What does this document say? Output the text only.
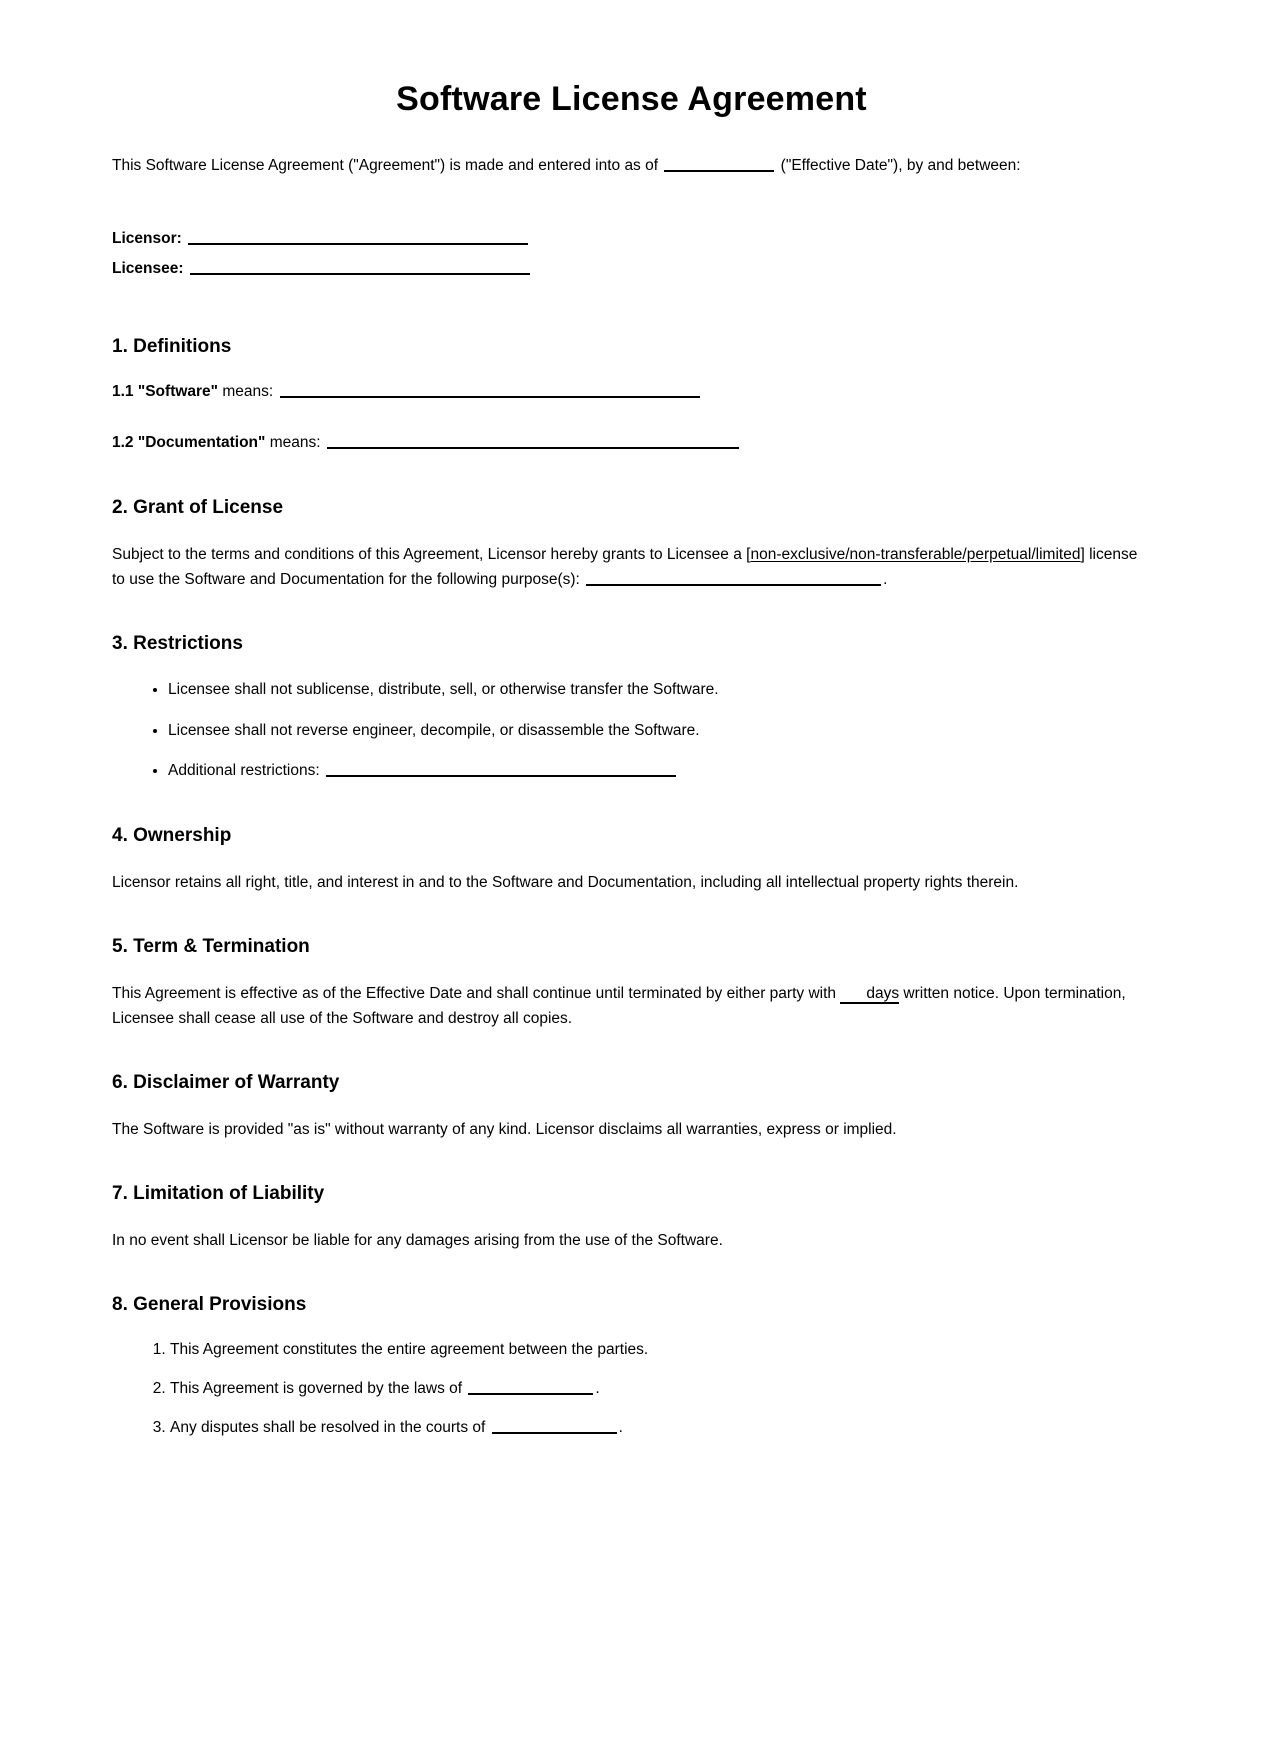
Software License Agreement

This Software License Agreement ("Agreement") is made and entered into as of	("Effective Date"), by and between:

Licensor:
Licensee:
1. Definitions
1.1 "Software" means:
1.2 "Documentation" means:
2. Grant of License

Subject to the terms and conditions of this Agreement, Licensor hereby grants to Licensee a [non-exclusive/non-transferable/perpetual/limited] license to use the Software and Documentation for the following purpose(s):	.

3. Restrictions
• Licensee shall not sublicense, distribute, sell, or otherwise transfer the Software.
• Licensee shall not reverse engineer, decompile, or disassemble the Software.
• Additional restrictions:
4. Ownership

Licensor retains all right, title, and interest in and to the Software and Documentation, including all intellectual property rights therein.

5. Term & Termination

This Agreement is effective as of the Effective Date and shall continue until terminated by either party with days written notice. Upon termination, Licensee shall cease all use of the Software and destroy all copies.

6. Disclaimer of Warranty

The Software is provided "as is" without warranty of any kind. Licensor disclaims all warranties, express or implied.

7. Limitation of Liability

In no event shall Licensor be liable for any damages arising from the use of the Software.

8. General Provisions
1. This Agreement constitutes the entire agreement between the parties.
2. This Agreement is governed by the laws of	.
3. Any disputes shall be resolved in the courts of	.
